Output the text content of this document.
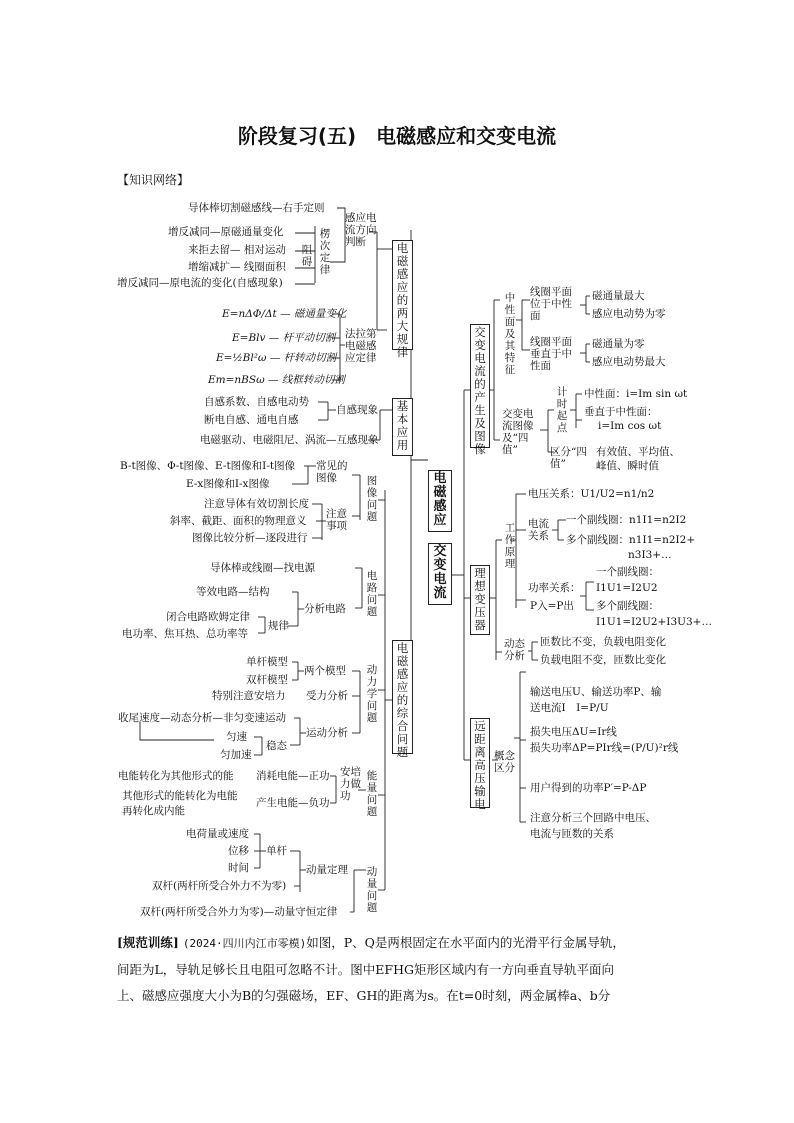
阶段复习(五)　电磁感应和交变电流
【知识网络】
电磁感应
交变电流
电磁感应的两大规律
基本应用
电磁感应的综合问题
导体棒切割磁感线—右手定则
感应电流方向判断
楞次定律
阻碍
增反减同—原磁通量变化
来拒去留— 相对运动
增缩减扩— 线圈面积
增反减同—原电流的变化(自感现象)
法拉第电磁感应定律
E=nΔΦ/Δt — 磁通量变化
E=Blv — 杆平动切割
E=½Bl²ω — 杆转动切割
Em=nBSω — 线框转动切割
自感现象
自感系数、自感电动势
断电自感、通电自感
电磁驱动、电磁阻尼、涡流—互感现象
图像问题
常见的图像
B-t图像、Φ-t图像、E-t图像和I-t图像
E-x图像和I-x图像
注意事项
注意导体有效切割长度
斜率、截距、面积的物理意义
图像比较分析—逐段进行
电路问题
导体棒或线圈—找电源
等效电路—结构
分析电路
规律
闭合电路欧姆定律
电功率、焦耳热、总功率等
动力学问题
两个模型
单杆模型
双杆模型
特别注意安培力 受力分析
收尾速度—动态分析—非匀变速运动
运动分析
稳态
匀速
匀加速
能量问题
安培力做功
电能转化为其他形式的能 消耗电能—正功
其他形式的能转化为电能
产生电能—负功
再转化成内能
动量问题
动量定理
单杆
电荷量或速度
位移
时间
双杆(两杆所受合外力不为零)
双杆(两杆所受合外力为零)—动量守恒定律
交变电流的产生及图像
理想变压器
远距离高压输电
中性面及其特征
线圈平面位于中性面
磁通量最大
感应电动势为零
线圈平面垂直于中性面
磁通量为零
感应电动势最大
交变电流图像及“四值”
计时起点
中性面：i=Im sin ωt
垂直于中性面：
i=Im cos ωt
区分“四值”
有效值、平均值、
峰值、瞬时值
工作原理
电压关系：U1/U2=n1/n2
电流关系
一个副线圈：n1I1=n2I2
多个副线圈：n1I1=n2I2+
n3I3+…
功率关系：
P入=P出
一个副线圈：
I1U1=I2U2
多个副线圈：
I1U1=I2U2+I3U3+…
动态分析
匝数比不变，负载电阻变化
负载电阻不变，匝数比变化
概念区分
输送电压U、输送功率P、输
送电流I　I=P/U
损失电压ΔU=Ir线
损失功率ΔP=PIr线=(P/U)²r线
用户得到的功率P′=P-ΔP
注意分析三个回路中电压、
电流与匝数的关系
[规范训练] (2024·四川内江市零模)如图，P、Q是两根固定在水平面内的光滑平行金属导轨，
间距为L，导轨足够长且电阻可忽略不计。图中EFHG矩形区域内有一方向垂直导轨平面向
上、磁感应强度大小为B的匀强磁场，EF、GH的距离为s。在t=0时刻，两金属棒a、b分
